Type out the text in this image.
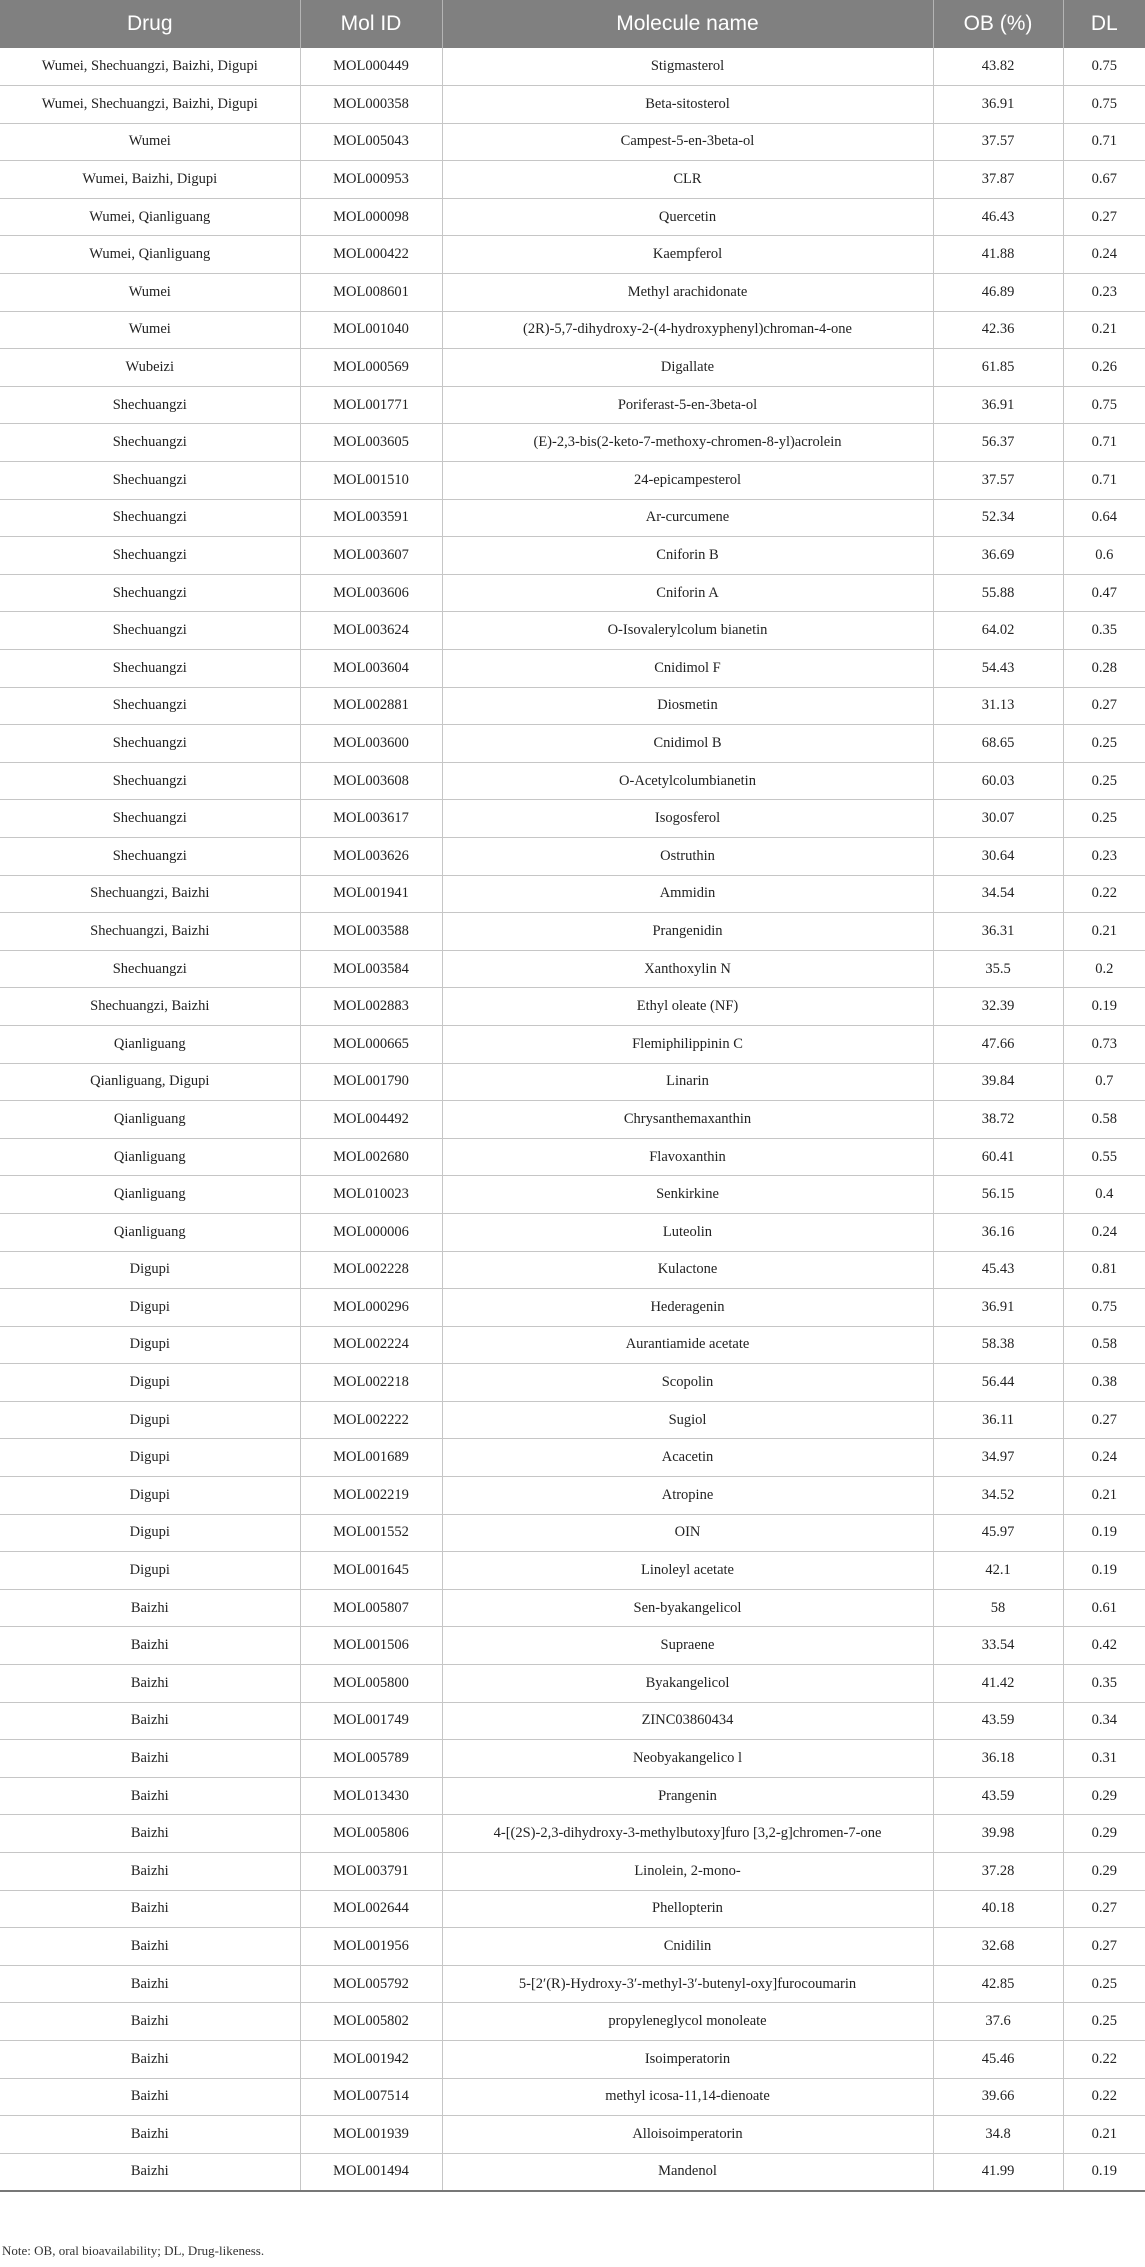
Drug	Mol ID	Molecule name	OB (%)	DL
Wumei, Shechuangzi, Baizhi, Digupi	MOL000449	Stigmasterol	43.82	0.75
Wumei, Shechuangzi, Baizhi, Digupi	MOL000358	Beta-sitosterol	36.91	0.75
Wumei	MOL005043	Campest-5-en-3beta-ol	37.57	0.71
Wumei, Baizhi, Digupi	MOL000953	CLR	37.87	0.67
Wumei, Qianliguang	MOL000098	Quercetin	46.43	0.27
Wumei, Qianliguang	MOL000422	Kaempferol	41.88	0.24
Wumei	MOL008601	Methyl arachidonate	46.89	0.23
Wumei	MOL001040	(2R)-5,7-dihydroxy-2-(4-hydroxyphenyl)chroman-4-one	42.36	0.21
Wubeizi	MOL000569	Digallate	61.85	0.26
Shechuangzi	MOL001771	Poriferast-5-en-3beta-ol	36.91	0.75
Shechuangzi	MOL003605	(E)-2,3-bis(2-keto-7-methoxy-chromen-8-yl)acrolein	56.37	0.71
Shechuangzi	MOL001510	24-epicampesterol	37.57	0.71
Shechuangzi	MOL003591	Ar-curcumene	52.34	0.64
Shechuangzi	MOL003607	Cniforin B	36.69	0.6
Shechuangzi	MOL003606	Cniforin A	55.88	0.47
Shechuangzi	MOL003624	O-Isovalerylcolum bianetin	64.02	0.35
Shechuangzi	MOL003604	Cnidimol F	54.43	0.28
Shechuangzi	MOL002881	Diosmetin	31.13	0.27
Shechuangzi	MOL003600	Cnidimol B	68.65	0.25
Shechuangzi	MOL003608	O-Acetylcolumbianetin	60.03	0.25
Shechuangzi	MOL003617	Isogosferol	30.07	0.25
Shechuangzi	MOL003626	Ostruthin	30.64	0.23
Shechuangzi, Baizhi	MOL001941	Ammidin	34.54	0.22
Shechuangzi, Baizhi	MOL003588	Prangenidin	36.31	0.21
Shechuangzi	MOL003584	Xanthoxylin N	35.5	0.2
Shechuangzi, Baizhi	MOL002883	Ethyl oleate (NF)	32.39	0.19
Qianliguang	MOL000665	Flemiphilippinin C	47.66	0.73
Qianliguang, Digupi	MOL001790	Linarin	39.84	0.7
Qianliguang	MOL004492	Chrysanthemaxanthin	38.72	0.58
Qianliguang	MOL002680	Flavoxanthin	60.41	0.55
Qianliguang	MOL010023	Senkirkine	56.15	0.4
Qianliguang	MOL000006	Luteolin	36.16	0.24
Digupi	MOL002228	Kulactone	45.43	0.81
Digupi	MOL000296	Hederagenin	36.91	0.75
Digupi	MOL002224	Aurantiamide acetate	58.38	0.58
Digupi	MOL002218	Scopolin	56.44	0.38
Digupi	MOL002222	Sugiol	36.11	0.27
Digupi	MOL001689	Acacetin	34.97	0.24
Digupi	MOL002219	Atropine	34.52	0.21
Digupi	MOL001552	OIN	45.97	0.19
Digupi	MOL001645	Linoleyl acetate	42.1	0.19
Baizhi	MOL005807	Sen-byakangelicol	58	0.61
Baizhi	MOL001506	Supraene	33.54	0.42
Baizhi	MOL005800	Byakangelicol	41.42	0.35
Baizhi	MOL001749	ZINC03860434	43.59	0.34
Baizhi	MOL005789	Neobyakangelico l	36.18	0.31
Baizhi	MOL013430	Prangenin	43.59	0.29
Baizhi	MOL005806	4-[(2S)-2,3-dihydroxy-3-methylbutoxy]furo [3,2-g]chromen-7-one	39.98	0.29
Baizhi	MOL003791	Linolein, 2-mono-	37.28	0.29
Baizhi	MOL002644	Phellopterin	40.18	0.27
Baizhi	MOL001956	Cnidilin	32.68	0.27
Baizhi	MOL005792	5-[2′(R)-Hydroxy-3′-methyl-3′-butenyl-oxy]furocoumarin	42.85	0.25
Baizhi	MOL005802	propyleneglycol monoleate	37.6	0.25
Baizhi	MOL001942	Isoimperatorin	45.46	0.22
Baizhi	MOL007514	methyl icosa-11,14-dienoate	39.66	0.22
Baizhi	MOL001939	Alloisoimperatorin	34.8	0.21
Baizhi	MOL001494	Mandenol	41.99	0.19
Note: OB, oral bioavailability; DL, Drug-likeness.
